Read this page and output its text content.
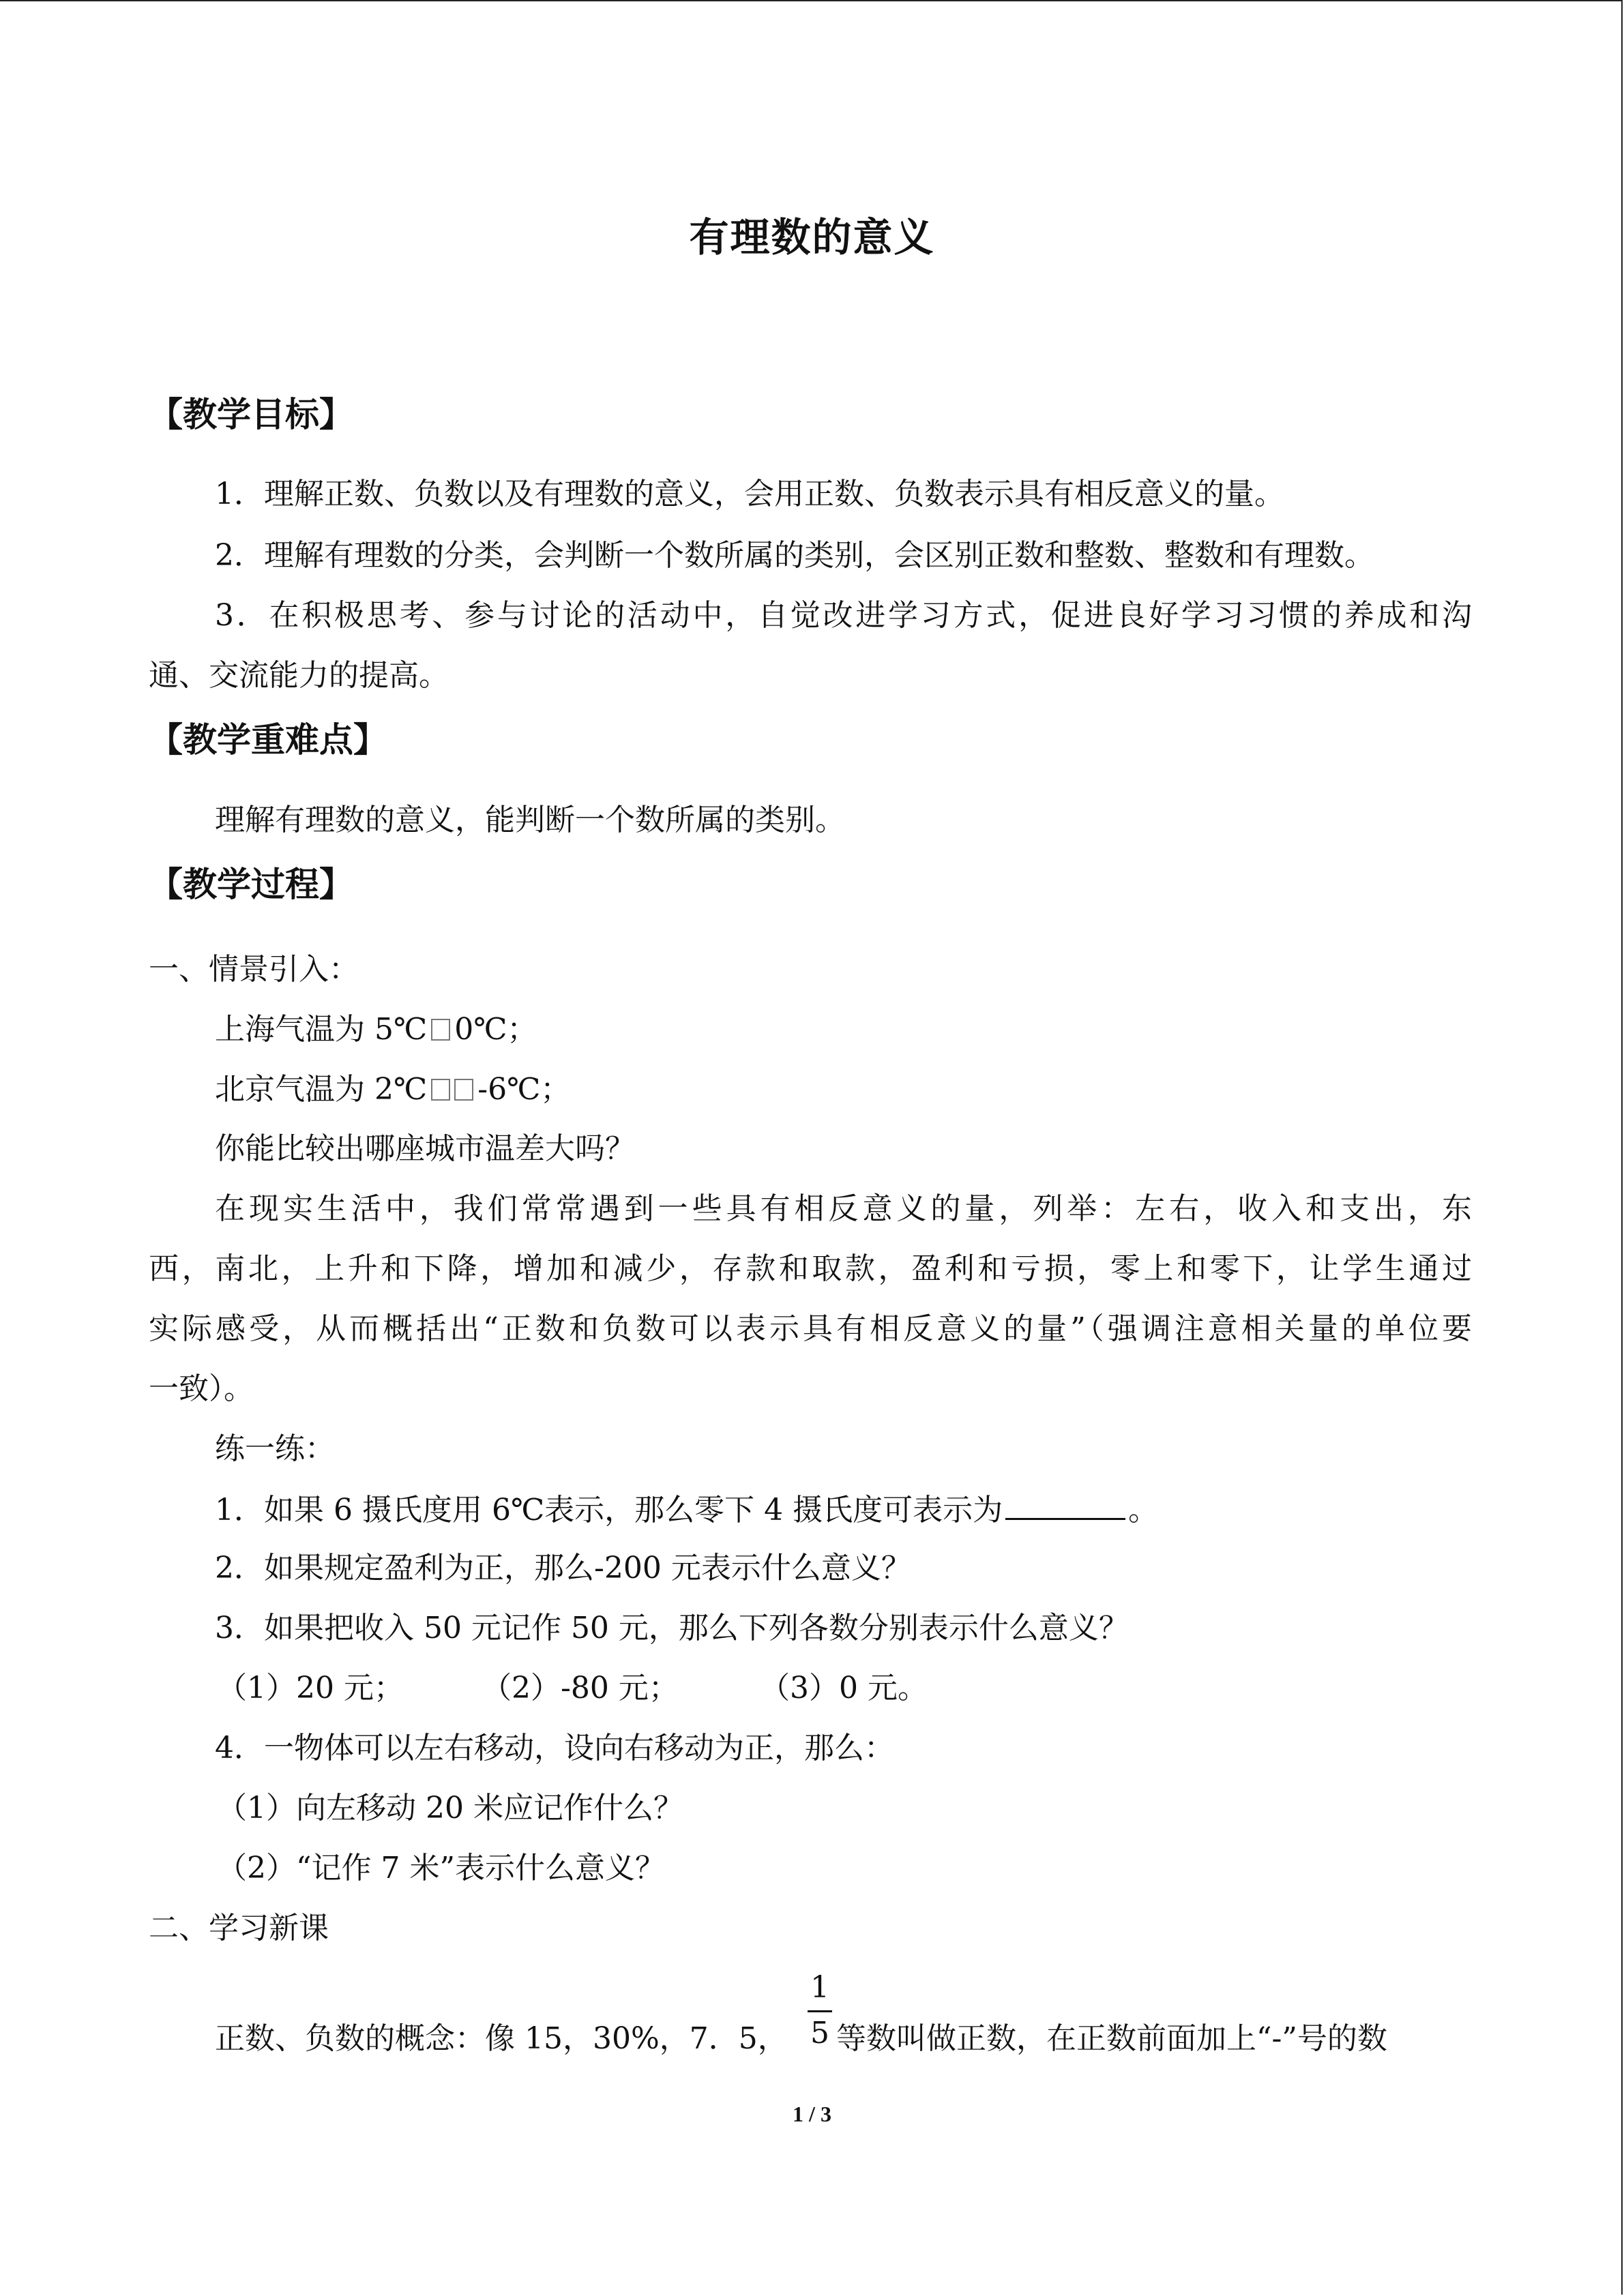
有理数的意义
【教学目标】
1．理解正数、负数以及有理数的意义，会用正数、负数表示具有相反意义的量。
2．理解有理数的分类，会判断一个数所属的类别，会区别正数和整数、整数和有理数。
3．在积极思考、参与讨论的活动中，自觉改进学习方式，促进良好学习习惯的养成和沟
通、交流能力的提高。
【教学重难点】
理解有理数的意义，能判断一个数所属的类别。
【教学过程】
一、情景引入：
上海气温为 5℃ 0℃；
北京气温为 2℃ -6℃；
你能比较出哪座城市温差大吗？
在现实生活中，我们常常遇到一些具有相反意义的量，列举：左右，收入和支出，东
西，南北，上升和下降，增加和减少，存款和取款，盈利和亏损，零上和零下，让学生通过
实际感受，从而概括出“正数和负数可以表示具有相反意义的量”（强调注意相关量的单位要
一致）。
练一练：
1．如果 6 摄氏度用 6℃表示，那么零下 4 摄氏度可表示为	。
2．如果规定盈利为正，那么-200 元表示什么意义？
3．如果把收入 50 元记作 50 元，那么下列各数分别表示什么意义？
（1）20 元；	（2）-80 元；	（3）0 元。
4．一物体可以左右移动，设向右移动为正，那么：
（1）向左移动 20 米应记作什么？
（2）“记作 7 米”表示什么意义？
二、学习新课
正数、负数的概念：像 15，30%，7．5，
1
5 等数叫做正数，在正数前面加上“-”号的数
1 / 3
